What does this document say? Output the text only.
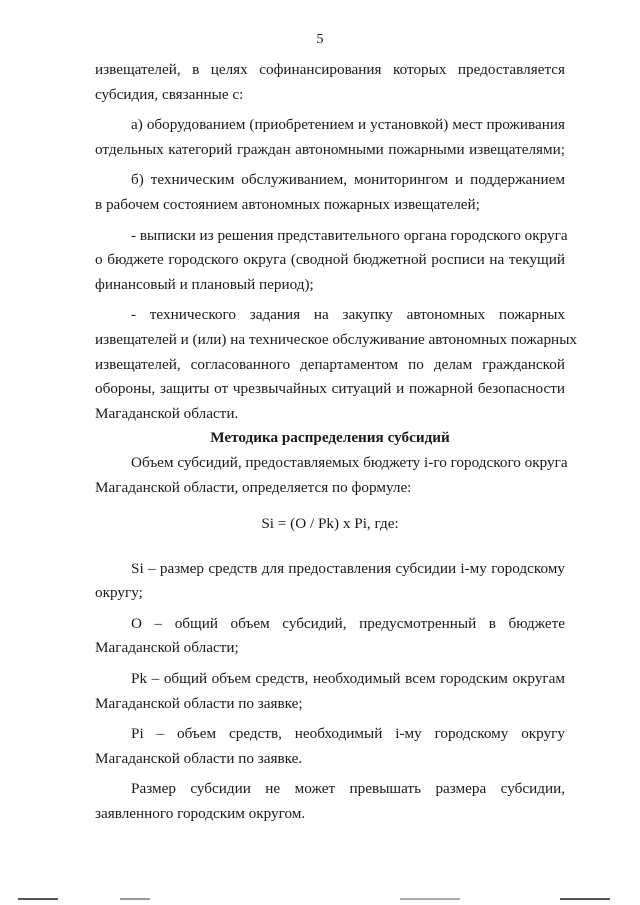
5
извещателей, в целях софинансирования которых предоставляется
субсидия, связанные с:
а) оборудованием (приобретением и установкой) мест проживания
отдельных категорий граждан автономными пожарными извещателями;
б) техническим обслуживанием, мониторингом и поддержанием
в рабочем состоянием автономных пожарных извещателей;
- выписки из решения представительного органа городского округа
о бюджете городского округа (сводной бюджетной росписи на текущий
финансовый и плановый период);
- технического задания на закупку автономных пожарных
извещателей и (или) на техническое обслуживание автономных пожарных
извещателей, согласованного департаментом по делам гражданской
обороны, защиты от чрезвычайных ситуаций и пожарной безопасности
Магаданской области.
Методика распределения субсидий
Объем субсидий, предоставляемых бюджету i-го городского округа
Магаданской области, определяется по формуле:
Si = (O / Pk) x Pi, где:
Si – размер средств для предоставления субсидии i-му городскому
округу;
O – общий объем субсидий, предусмотренный в бюджете
Магаданской области;
Pk – общий объем средств, необходимый всем городским округам
Магаданской области по заявке;
Pi – объем средств, необходимый i-му городскому округу
Магаданской области по заявке.
Размер субсидии не может превышать размера субсидии,
заявленного городским округом.
